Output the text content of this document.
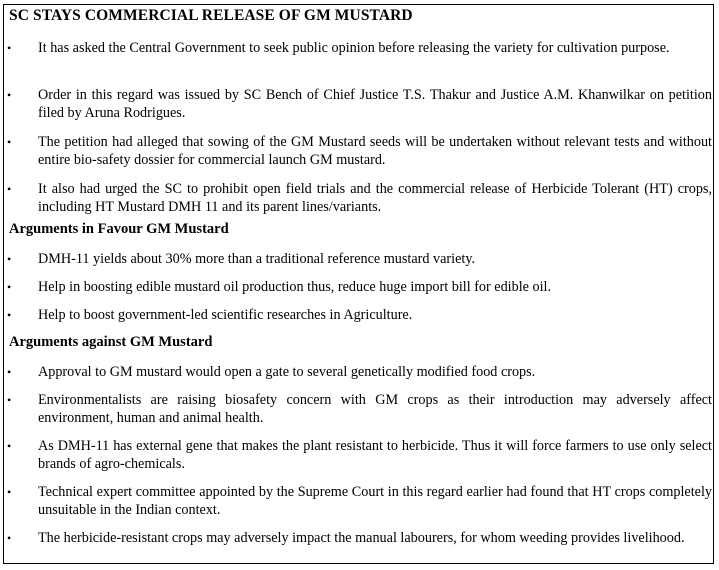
SC STAYS COMMERCIAL RELEASE OF GM MUSTARD
• It has asked the Central Government to seek public opinion before releasing the variety for cultivation purpose.
• Order in this regard was issued by SC Bench of Chief Justice T.S. Thakur and Justice A.M. Khanwilkar on petition filed by Aruna Rodrigues.
• The petition had alleged that sowing of the GM Mustard seeds will be undertaken without relevant tests and without entire bio-safety dossier for commercial launch GM mustard.
• It also had urged the SC to prohibit open field trials and the commercial release of Herbicide Tolerant (HT) crops, including HT Mustard DMH 11 and its parent lines/variants.
Arguments in Favour GM Mustard
• DMH-11 yields about 30% more than a traditional reference mustard variety.
• Help in boosting edible mustard oil production thus, reduce huge import bill for edible oil.
• Help to boost government-led scientific researches in Agriculture.
Arguments against GM Mustard
• Approval to GM mustard would open a gate to several genetically modified food crops.
• Environmentalists are raising biosafety concern with GM crops as their introduction may adversely affect environment, human and animal health.
• As DMH-11 has external gene that makes the plant resistant to herbicide. Thus it will force farmers to use only select brands of agro-chemicals.
• Technical expert committee appointed by the Supreme Court in this regard earlier had found that HT crops completely unsuitable in the Indian context.
• The herbicide-resistant crops may adversely impact the manual labourers, for whom weeding provides livelihood.
